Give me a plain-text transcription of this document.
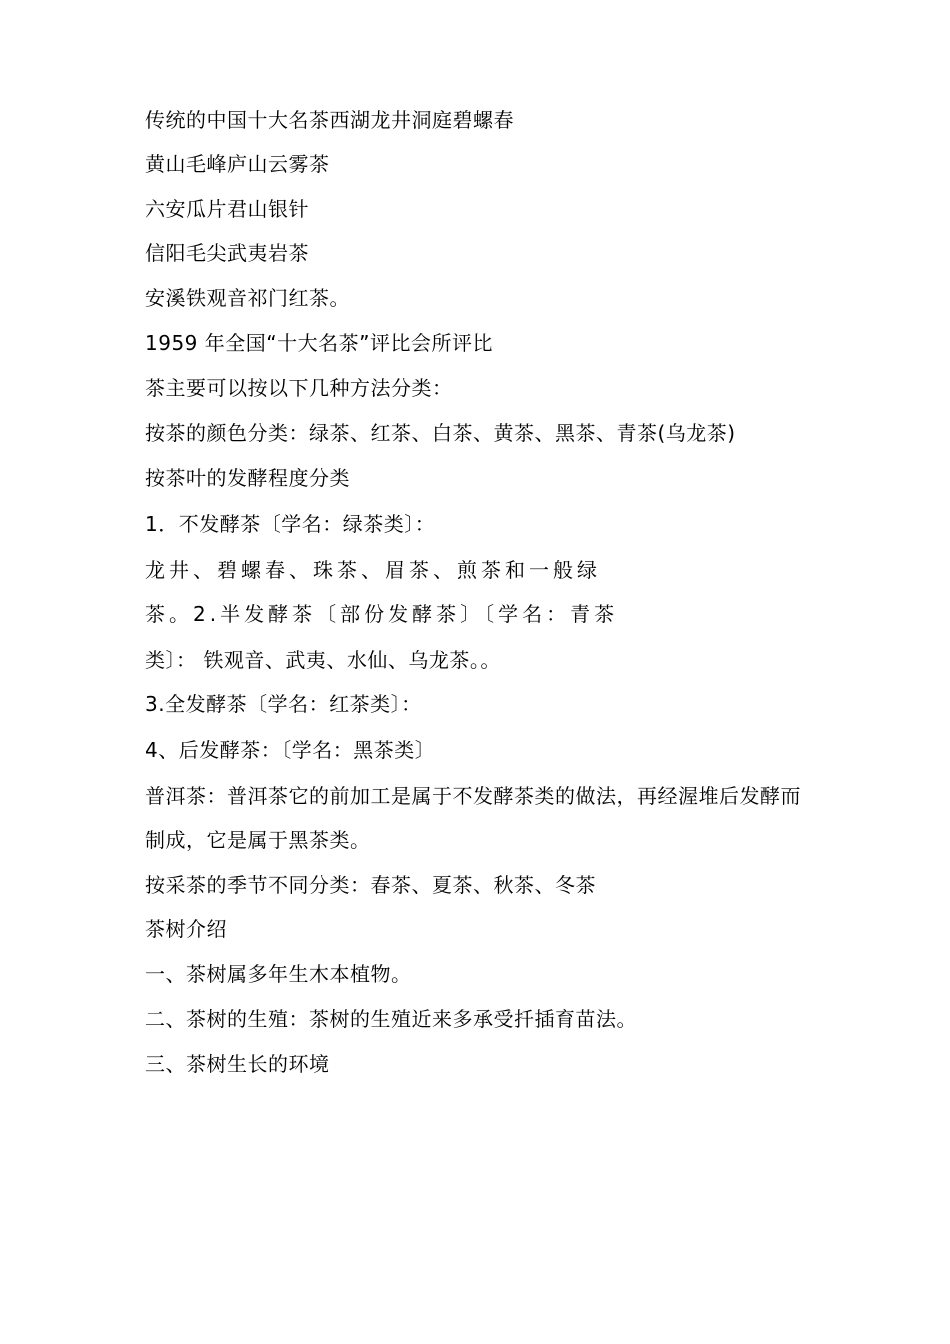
传统的中国十大名茶西湖龙井洞庭碧螺春
黄山毛峰庐山云雾茶
六安瓜片君山银针
信阳毛尖武夷岩茶
安溪铁观音祁门红茶。
1959 年全国“十大名茶”评比会所评比
茶主要可以按以下几种方法分类：
按茶的颜色分类：绿茶、红茶、白茶、黄茶、黑茶、青茶(乌龙茶)
按茶叶的发酵程度分类
1．不发酵茶〔学名：绿茶类〕：
龙井、碧螺春、珠茶、眉茶、煎茶和一般绿
茶。2.半发酵茶〔部份发酵茶〕〔学名：青茶
类〕： 铁观音、武夷、水仙、乌龙茶。。
3.全发酵茶〔学名：红茶类〕：
4、后发酵茶：〔学名：黑茶类〕
普洱茶：普洱茶它的前加工是属于不发酵茶类的做法，再经渥堆后发酵而
制成，它是属于黑茶类。
按采茶的季节不同分类：春茶、夏茶、秋茶、冬茶
茶树介绍
一、茶树属多年生木本植物。
二、茶树的生殖：茶树的生殖近来多承受扦插育苗法。
三、茶树生长的环境
